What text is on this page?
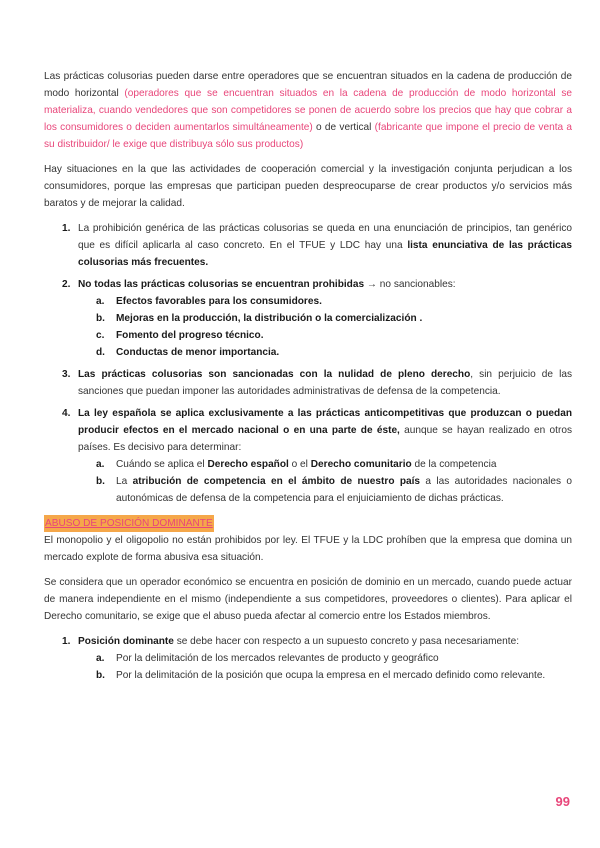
Las prácticas colusorias pueden darse entre operadores que se encuentran situados en la cadena de producción de modo horizontal (operadores que se encuentran situados en la cadena de producción de modo horizontal se materializa, cuando vendedores que son competidores se ponen de acuerdo sobre los precios que hay que cobrar a los consumidores o deciden aumentarlos simultáneamente) o de vertical (fabricante que impone el precio de venta a su distribuidor/ le exige que distribuya sólo sus productos)

Hay situaciones en la que las actividades de cooperación comercial y la investigación conjunta perjudican a los consumidores, porque las empresas que participan pueden despreocuparse de crear productos y/o servicios más baratos y de mejorar la calidad.

1. La prohibición genérica de las prácticas colusorias se queda en una enunciación de principios, tan genérico que es difícil aplicarla al caso concreto. En el TFUE y LDC hay una lista enunciativa de las prácticas colusorias más frecuentes.
2. No todas las prácticas colusorias se encuentran prohibidas → no sancionables:
a. Efectos favorables para los consumidores.
b. Mejoras en la producción, la distribución o la comercialización .
c. Fomento del progreso técnico.
d. Conductas de menor importancia.
3. Las prácticas colusorias son sancionadas con la nulidad de pleno derecho, sin perjuicio de las sanciones que puedan imponer las autoridades administrativas de defensa de la competencia.
4. La ley española se aplica exclusivamente a las prácticas anticompetitivas que produzcan o puedan producir efectos en el mercado nacional o en una parte de éste, aunque se hayan realizado en otros países. Es decisivo para determinar:
a. Cuándo se aplica el Derecho español o el Derecho comunitario de la competencia
b. La atribución de competencia en el ámbito de nuestro país a las autoridades nacionales o autonómicas de defensa de la competencia para el enjuiciamiento de dichas prácticas.
ABUSO DE POSICIÓN DOMINANTE

El monopolio y el oligopolio no están prohibidos por ley. El TFUE y la LDC prohíben que la empresa que domina un mercado explote de forma abusiva esa situación.

Se considera que un operador económico se encuentra en posición de dominio en un mercado, cuando puede actuar de manera independiente en el mismo (independiente a sus competidores, proveedores o clientes). Para aplicar el Derecho comunitario, se exige que el abuso pueda afectar al comercio entre los Estados miembros.

1. Posición dominante se debe hacer con respecto a un supuesto concreto y pasa necesariamente:
a. Por la delimitación de los mercados relevantes de producto y geográfico
b. Por la delimitación de la posición que ocupa la empresa en el mercado definido como relevante.
99
